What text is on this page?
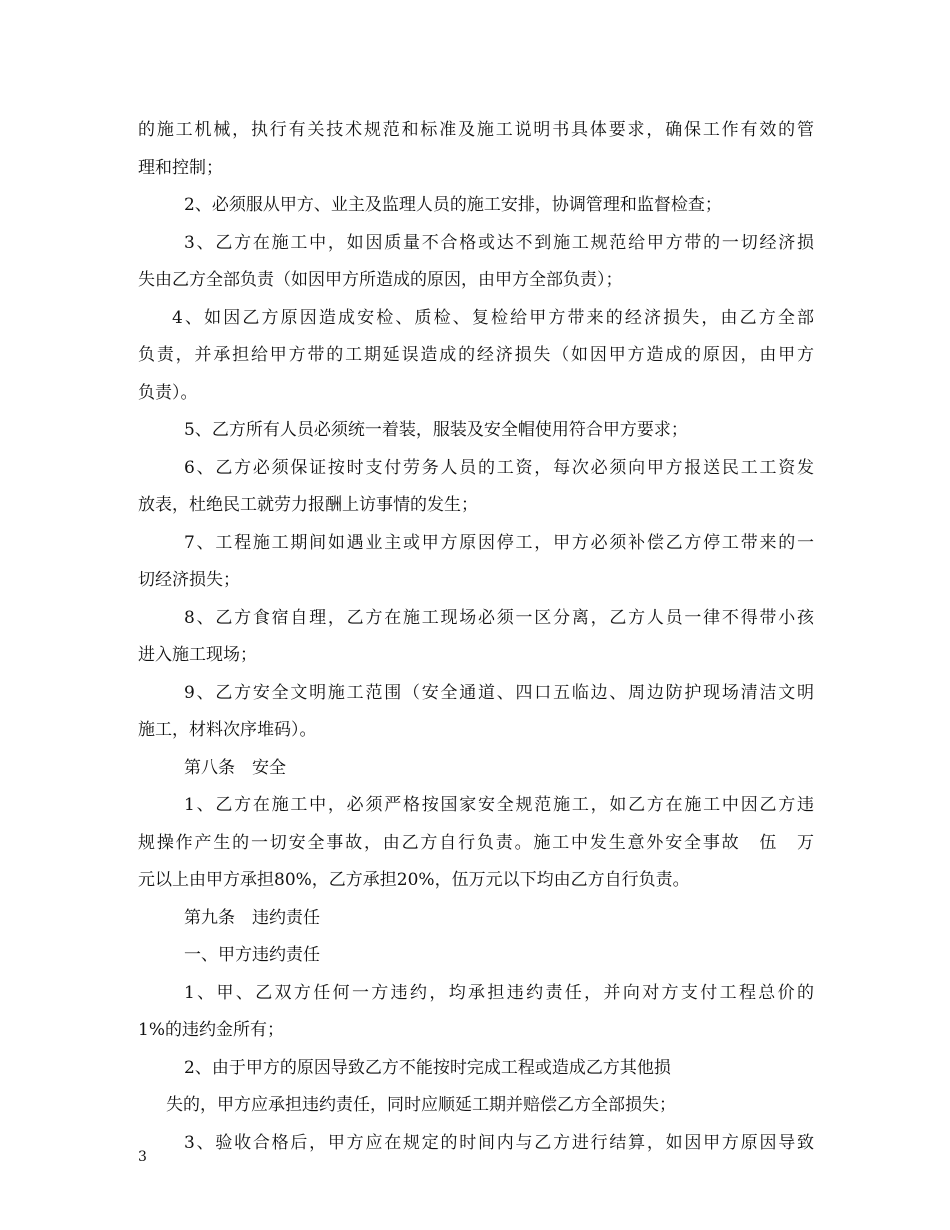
的施工机械，执行有关技术规范和标准及施工说明书具体要求，确保工作有效的管
理和控制；
2、必须服从甲方、业主及监理人员的施工安排，协调管理和监督检查；
3、乙方在施工中，如因质量不合格或达不到施工规范给甲方带的一切经济损
失由乙方全部负责（如因甲方所造成的原因，由甲方全部负责）；
4、如因乙方原因造成安检、质检、复检给甲方带来的经济损失，由乙方全部
负责，并承担给甲方带的工期延误造成的经济损失（如因甲方造成的原因，由甲方
负责）。
5、乙方所有人员必须统一着装，服装及安全帽使用符合甲方要求；
6、乙方必须保证按时支付劳务人员的工资，每次必须向甲方报送民工工资发
放表，杜绝民工就劳力报酬上访事情的发生；
7、工程施工期间如遇业主或甲方原因停工，甲方必须补偿乙方停工带来的一
切经济损失；
8、乙方食宿自理，乙方在施工现场必须一区分离，乙方人员一律不得带小孩
进入施工现场；
9、乙方安全文明施工范围（安全通道、四口五临边、周边防护现场清洁文明
施工，材料次序堆码）。
第八条　安全
1、乙方在施工中，必须严格按国家安全规范施工，如乙方在施工中因乙方违
规操作产生的一切安全事故，由乙方自行负责。施工中发生意外安全事故　伍　万
元以上由甲方承担80%，乙方承担20%，伍万元以下均由乙方自行负责。
第九条　违约责任
一、甲方违约责任
1、甲、乙双方任何一方违约，均承担违约责任，并向对方支付工程总价的
1%的违约金所有；
2、由于甲方的原因导致乙方不能按时完成工程或造成乙方其他损
失的，甲方应承担违约责任，同时应顺延工期并赔偿乙方全部损失；
3、验收合格后，甲方应在规定的时间内与乙方进行结算，如因甲方原因导致
3
